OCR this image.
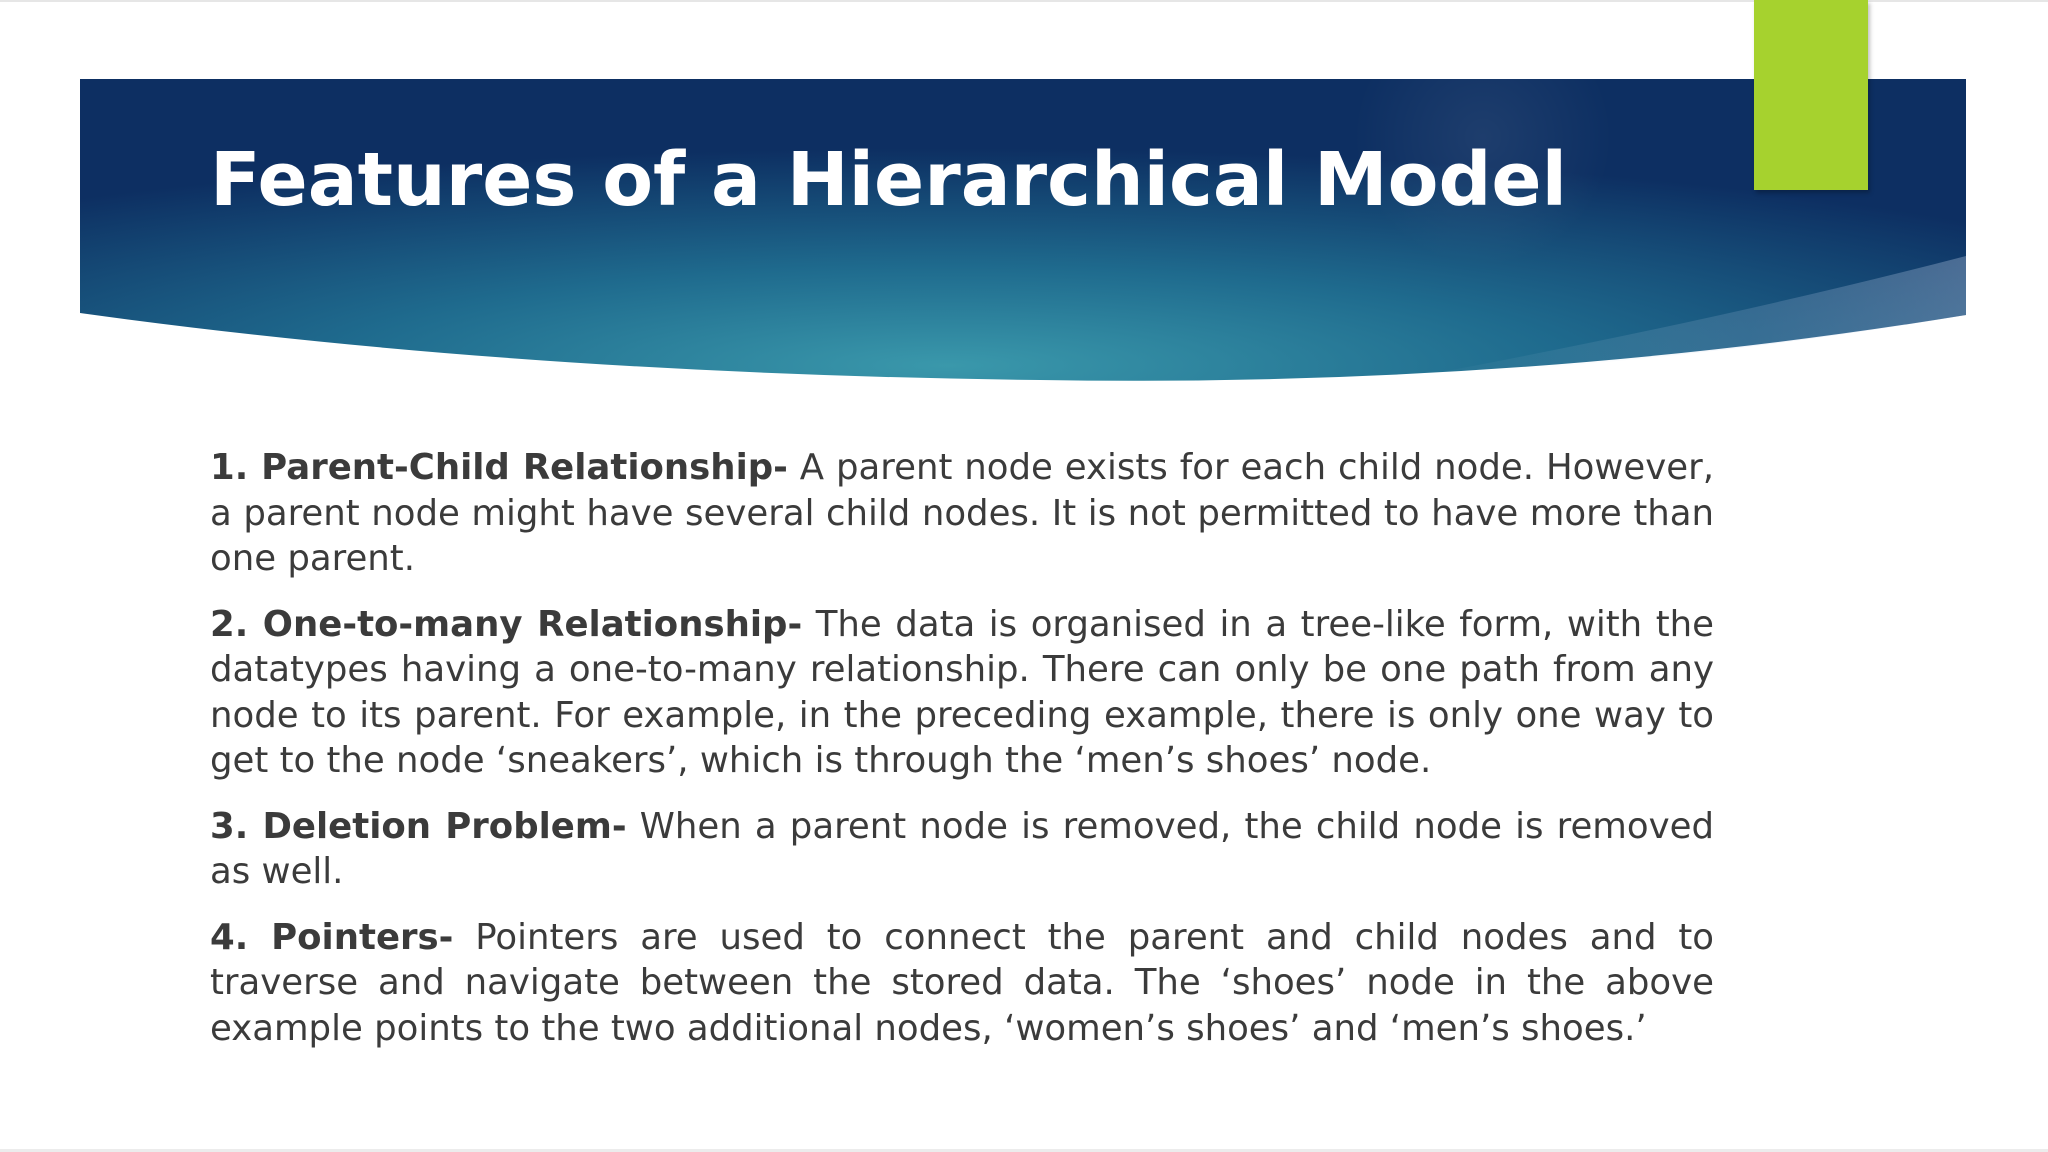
Features of a Hierarchical Model

1. Parent-Child Relationship- A parent node exists for each child node. However, a parent node might have several child nodes. It is not permitted to have more than one parent.

2. One-to-many Relationship- The data is organised in a tree-like form, with the datatypes having a one-to-many relationship. There can only be one path from any node to its parent. For example, in the preceding example, there is only one way to get to the node ‘sneakers’, which is through the ‘men’s shoes’ node.

3. Deletion Problem- When a parent node is removed, the child node is removed as well.

4. Pointers- Pointers are used to connect the parent and child nodes and to traverse and navigate between the stored data. The ‘shoes’ node in the above example points to the two additional nodes, ‘women’s shoes’ and ‘men’s shoes.’
